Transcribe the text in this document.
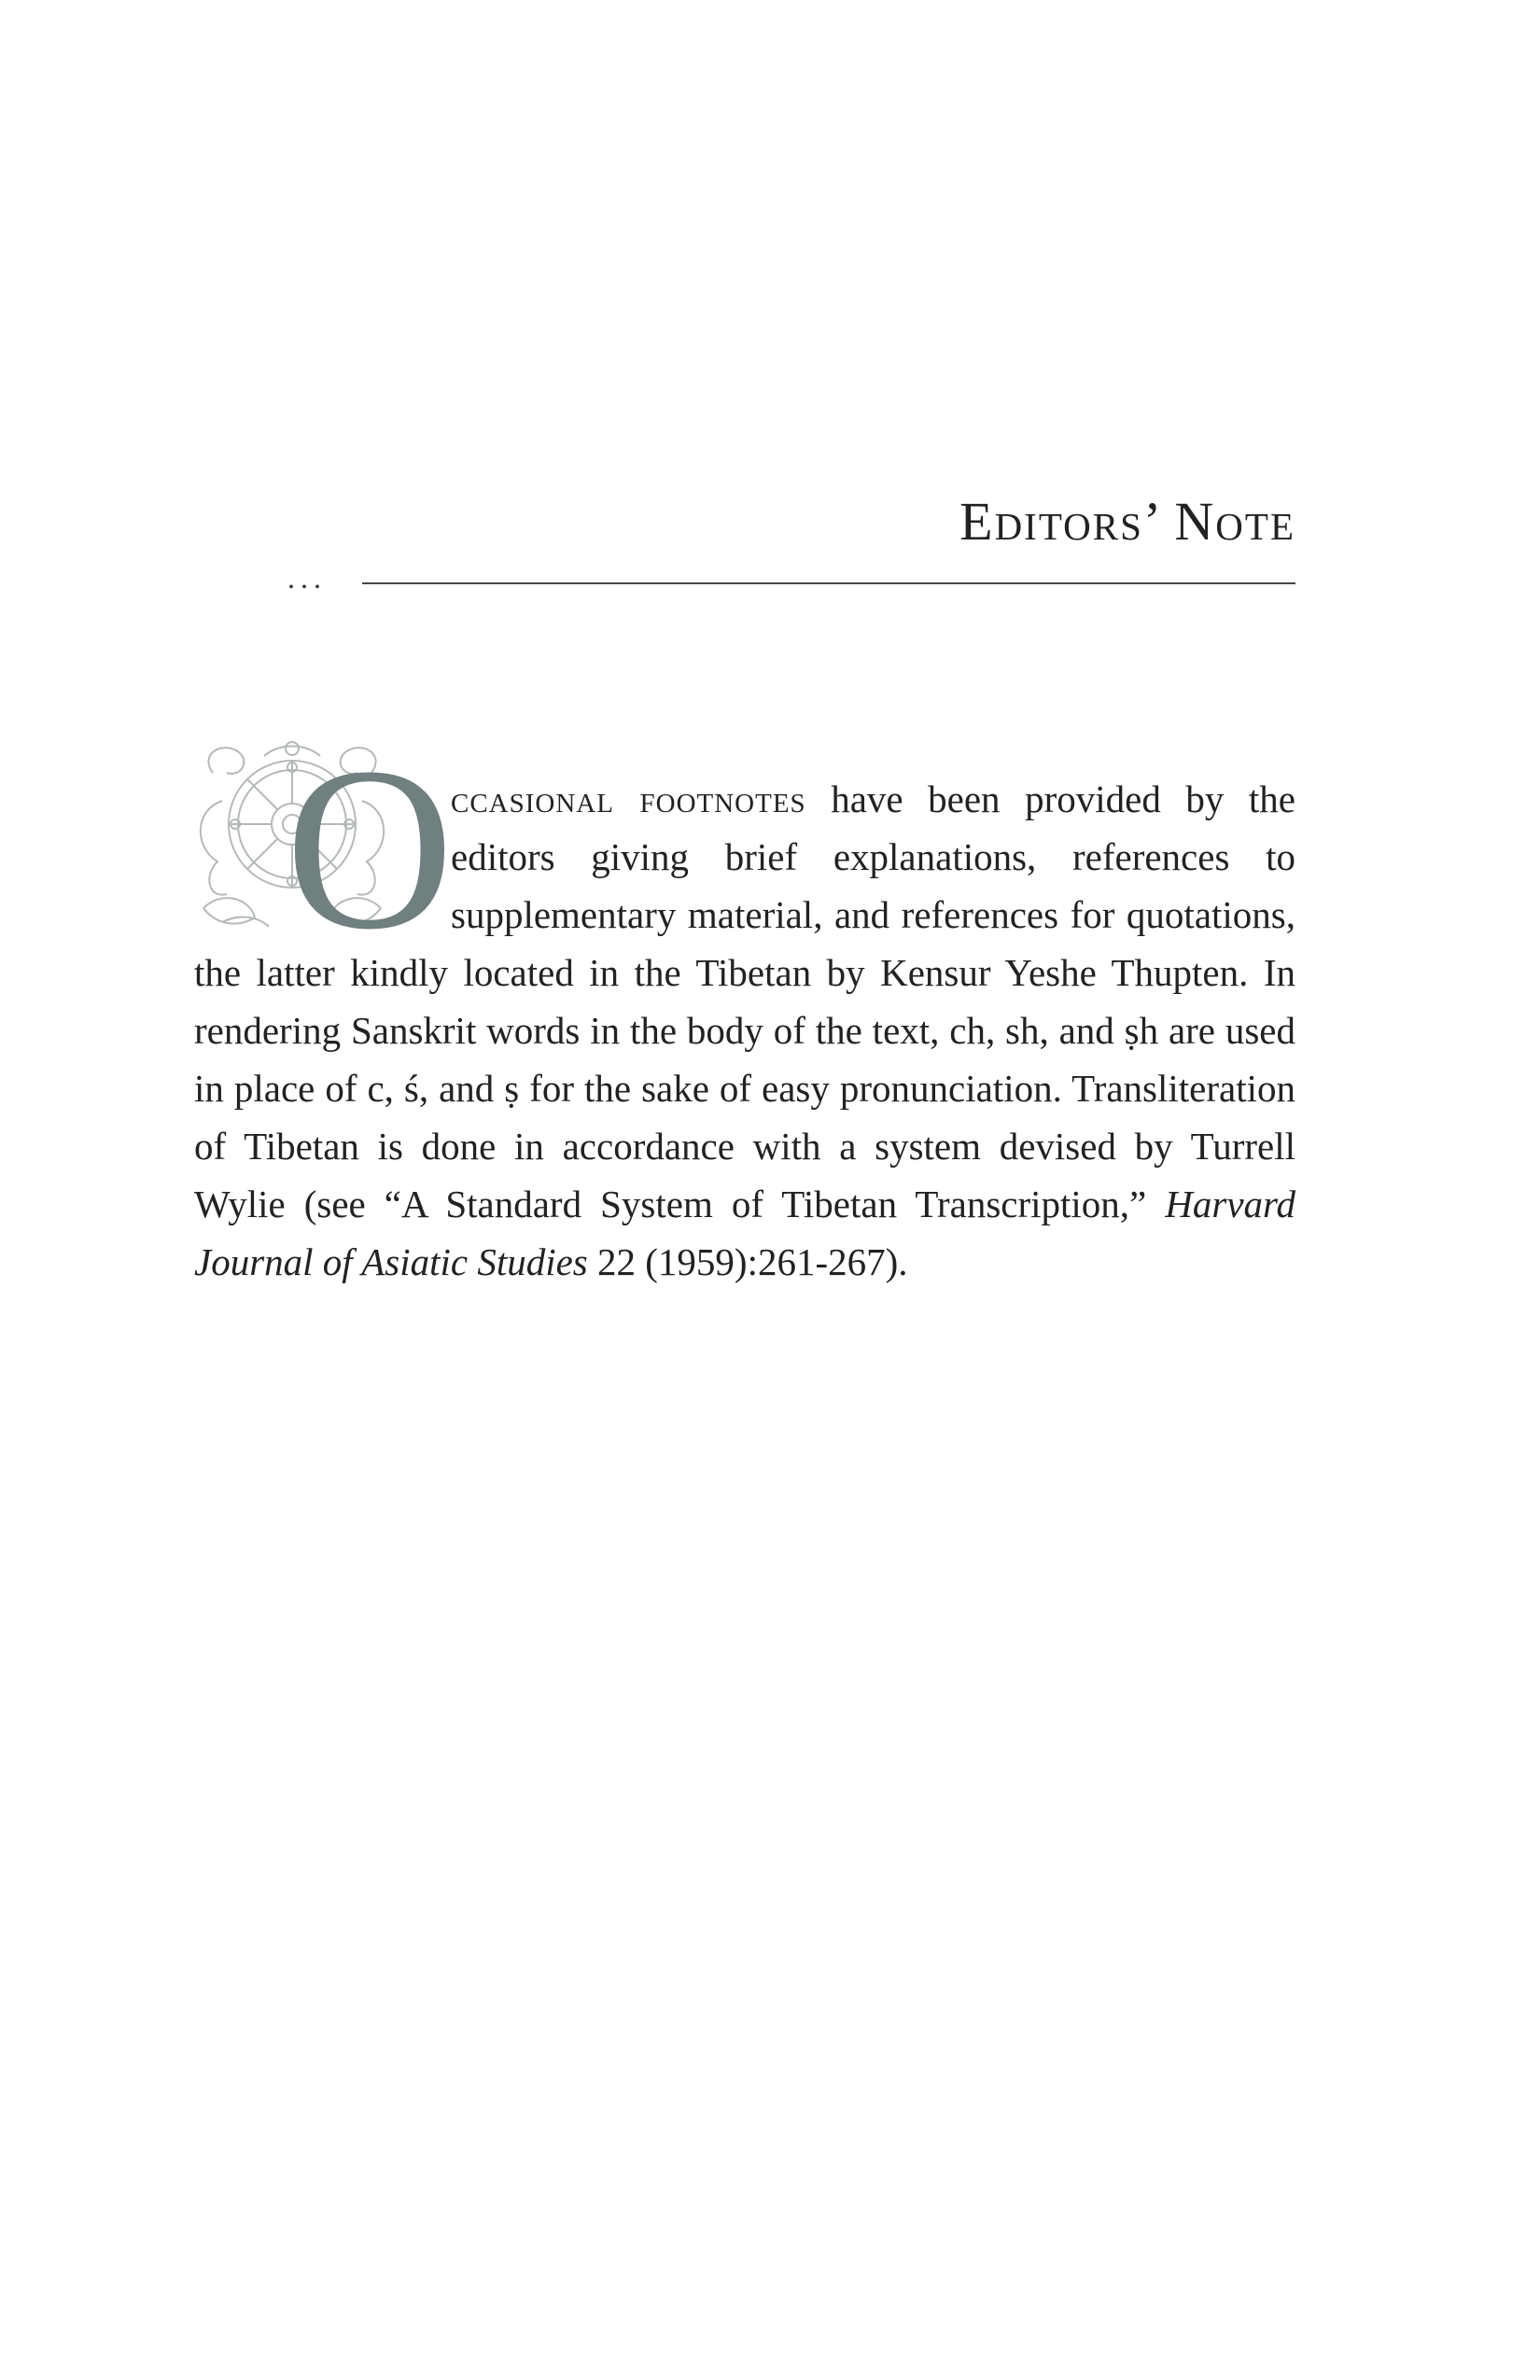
Editors’ Note
...
O

ccasional footnotes have been provided by the editors giving brief explanations, references to supplementary material, and references for quotations, the latter kindly located in the Tibetan by Kensur Yeshe Thupten. In rendering Sanskrit words in the body of the text, ch, sh, and ṣh are used in place of c, ś, and ṣ for the sake of easy pronunciation. Transliteration of Tibetan is done in accordance with a system devised by Turrell Wylie (see “A Standard System of Tibetan Transcription,” Harvard Journal of Asiatic Studies 22 (1959):261-267).
